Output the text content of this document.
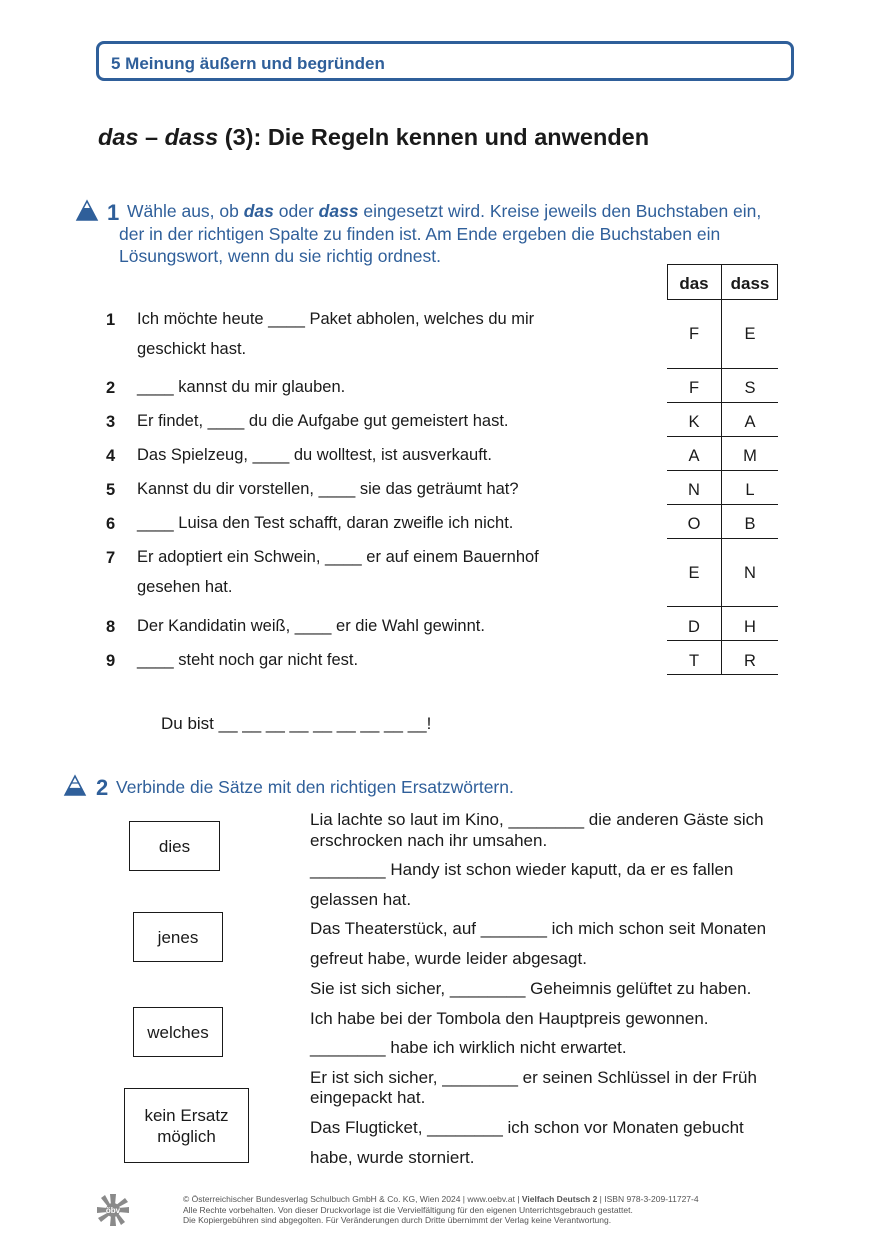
5 Meinung äußern und begründen
das – dass (3): Die Regeln kennen und anwenden
1 Wähle aus, ob das oder dass eingesetzt wird. Kreise jeweils den Buchstaben ein,
der in der richtigen Spalte zu finden ist. Am Ende ergeben die Buchstaben ein
Lösungswort, wenn du sie richtig ordnest.
1 Ich möchte heute ____ Paket abholen, welches du mir
geschickt hast.
2 ____ kannst du mir glauben.
3 Er findet, ____ du die Aufgabe gut gemeistert hast.
4 Das Spielzeug, ____ du wolltest, ist ausverkauft.
5 Kannst du dir vorstellen, ____ sie das geträumt hat?
6 ____ Luisa den Test schafft, daran zweifle ich nicht.
7 Er adoptiert ein Schwein, ____ er auf einem Bauernhof
gesehen hat.
8 Der Kandidatin weiß, ____ er die Wahl gewinnt.
9 ____ steht noch gar nicht fest.
das	dass
F	E
F	S
K	A
A	M
N	L
O	B
E	N
D	H
T	R
Du bist __ __ __ __ __ __ __ __ __!
2 Verbinde die Sätze mit den richtigen Ersatzwörtern.
dies
jenes
welches
kein Ersatz
möglich
Lia lachte so laut im Kino, ________ die anderen Gäste sich
erschrocken nach ihr umsahen.
________ Handy ist schon wieder kaputt, da er es fallen
gelassen hat.
Das Theaterstück, auf _______ ich mich schon seit Monaten
gefreut habe, wurde leider abgesagt.
Sie ist sich sicher, ________ Geheimnis gelüftet zu haben.
Ich habe bei der Tombola den Hauptpreis gewonnen.
________ habe ich wirklich nicht erwartet.
Er ist sich sicher, ________ er seinen Schlüssel in der Früh
eingepackt hat.
Das Flugticket, ________ ich schon vor Monaten gebucht
habe, wurde storniert.
öbv
© Österreichischer Bundesverlag Schulbuch GmbH & Co. KG, Wien 2024 | www.oebv.at | Vielfach Deutsch 2 | ISBN 978-3-209-11727-4
Alle Rechte vorbehalten. Von dieser Druckvorlage ist die Vervielfältigung für den eigenen Unterrichtsgebrauch gestattet.
Die Kopiergebühren sind abgegolten. Für Veränderungen durch Dritte übernimmt der Verlag keine Verantwortung.
